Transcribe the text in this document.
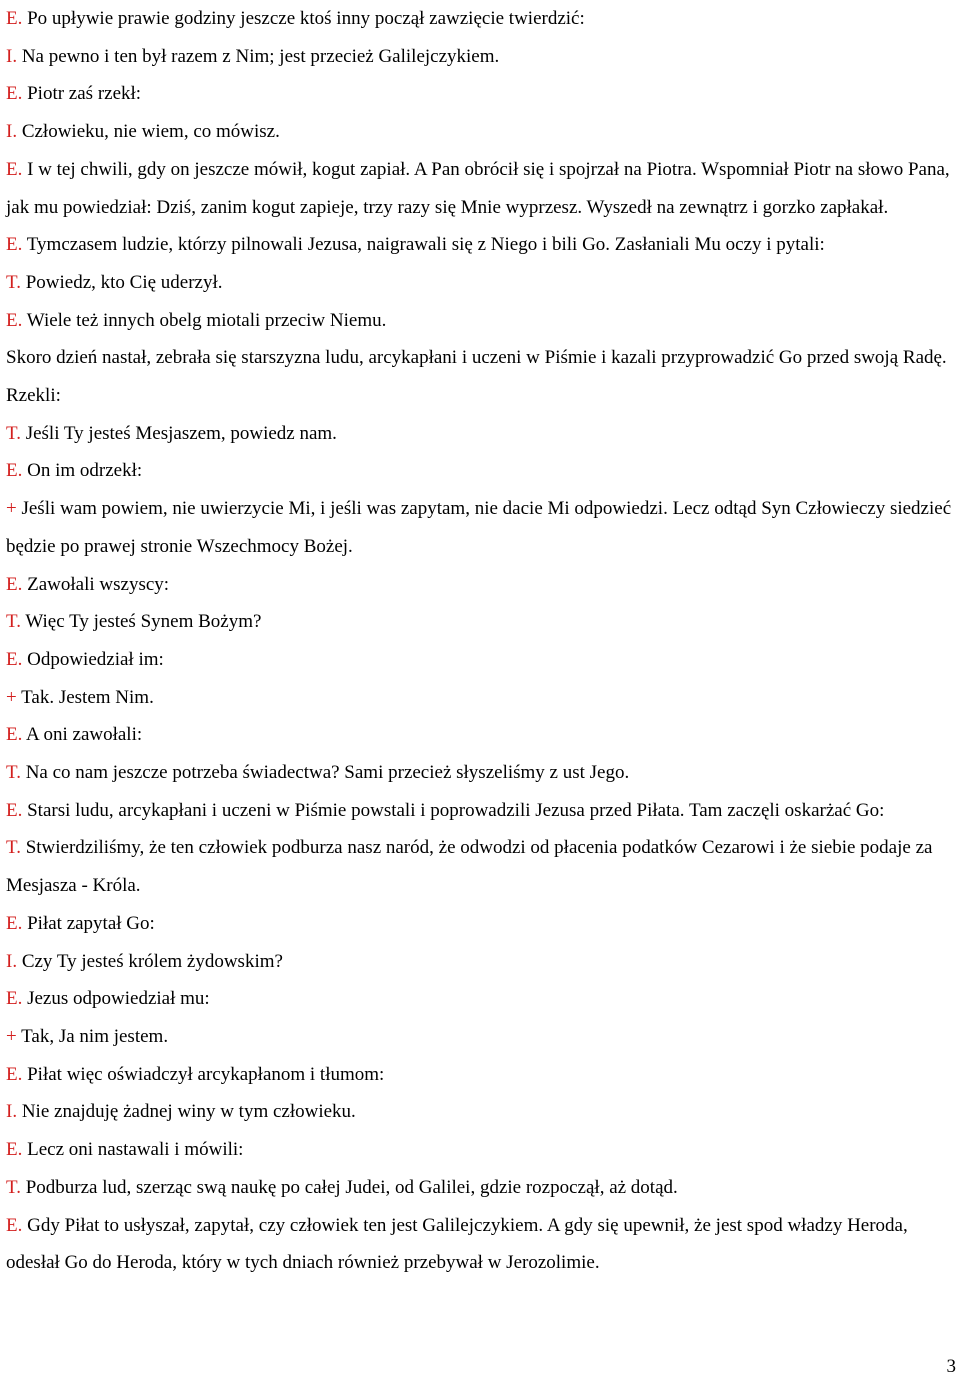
E. Po upływie prawie godziny jeszcze ktoś inny począł zawzięcie twierdzić:

I. Na pewno i ten był razem z Nim; jest przecież Galilejczykiem.

E. Piotr zaś rzekł:

I. Człowieku, nie wiem, co mówisz.

E. I w tej chwili, gdy on jeszcze mówił, kogut zapiał. A Pan obrócił się i spojrzał na Piotra. Wspomniał Piotr na słowo Pana, jak mu powiedział: Dziś, zanim kogut zapieje, trzy razy się Mnie wyprzesz. Wyszedł na zewnątrz i gorzko zapłakał.

E. Tymczasem ludzie, którzy pilnowali Jezusa, naigrawali się z Niego i bili Go. Zasłaniali Mu oczy i pytali:

T. Powiedz, kto Cię uderzył.

E. Wiele też innych obelg miotali przeciw Niemu.

Skoro dzień nastał, zebrała się starszyzna ludu, arcykapłani i uczeni w Piśmie i kazali przyprowadzić Go przed swoją Radę. Rzekli:

T. Jeśli Ty jesteś Mesjaszem, powiedz nam.

E. On im odrzekł:

+ Jeśli wam powiem, nie uwierzycie Mi, i jeśli was zapytam, nie dacie Mi odpowiedzi. Lecz odtąd Syn Człowieczy siedzieć będzie po prawej stronie Wszechmocy Bożej.

E. Zawołali wszyscy:

T. Więc Ty jesteś Synem Bożym?

E. Odpowiedział im:

+ Tak. Jestem Nim.

E. A oni zawołali:

T. Na co nam jeszcze potrzeba świadectwa? Sami przecież słyszeliśmy z ust Jego.

E. Starsi ludu, arcykapłani i uczeni w Piśmie powstali i poprowadzili Jezusa przed Piłata. Tam zaczęli oskarżać Go:

T. Stwierdziliśmy, że ten człowiek podburza nasz naród, że odwodzi od płacenia podatków Cezarowi i że siebie podaje za Mesjasza - Króla.

E. Piłat zapytał Go:

I. Czy Ty jesteś królem żydowskim?

E. Jezus odpowiedział mu:

+ Tak, Ja nim jestem.

E. Piłat więc oświadczył arcykapłanom i tłumom:

I. Nie znajduję żadnej winy w tym człowieku.

E. Lecz oni nastawali i mówili:

T. Podburza lud, szerząc swą naukę po całej Judei, od Galilei, gdzie rozpoczął, aż dotąd.

E. Gdy Piłat to usłyszał, zapytał, czy człowiek ten jest Galilejczykiem. A gdy się upewnił, że jest spod władzy Heroda, odesłał Go do Heroda, który w tych dniach również przebywał w Jerozolimie.

3
